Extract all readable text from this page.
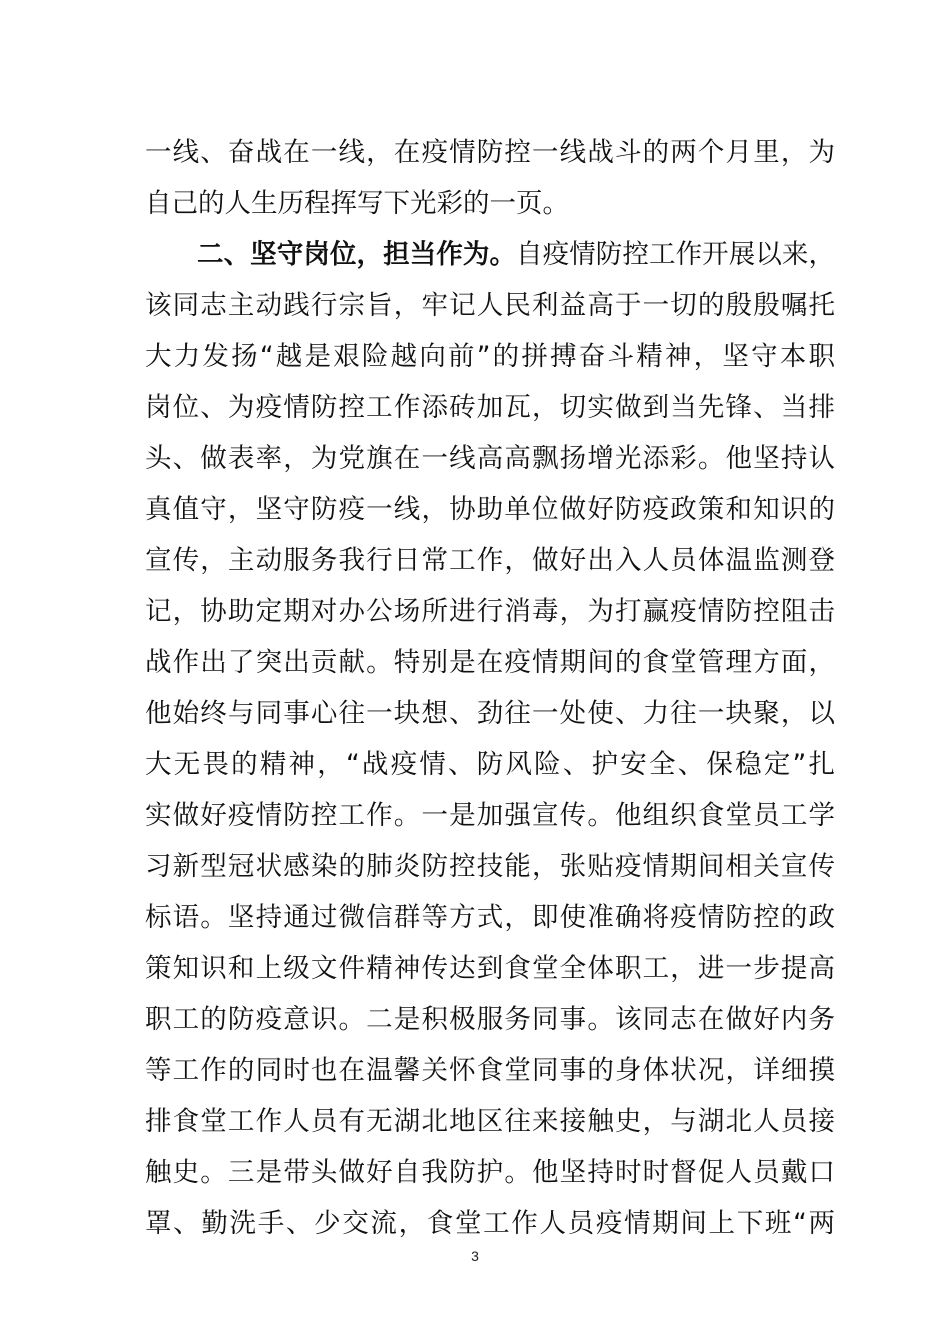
一线、奋战在一线，在疫情防控一线战斗的两个月里，为
自己的人生历程挥写下光彩的一页。
二、坚守岗位，担当作为。自疫情防控工作开展以来，
该同志主动践行宗旨，牢记人民利益高于一切的殷殷嘱托
大力发扬“越是艰险越向前”的拼搏奋斗精神，坚守本职
岗位、为疫情防控工作添砖加瓦，切实做到当先锋、当排
头、做表率，为党旗在一线高高飘扬增光添彩。他坚持认
真值守，坚守防疫一线，协助单位做好防疫政策和知识的
宣传，主动服务我行日常工作，做好出入人员体温监测登
记，协助定期对办公场所进行消毒，为打赢疫情防控阻击
战作出了突出贡献。特别是在疫情期间的食堂管理方面，
他始终与同事心往一块想、劲往一处使、力往一块聚，以
大无畏的精神，“战疫情、防风险、护安全、保稳定”扎
实做好疫情防控工作。一是加强宣传。他组织食堂员工学
习新型冠状感染的肺炎防控技能，张贴疫情期间相关宣传
标语。坚持通过微信群等方式，即使准确将疫情防控的政
策知识和上级文件精神传达到食堂全体职工，进一步提高
职工的防疫意识。二是积极服务同事。该同志在做好内务
等工作的同时也在温馨关怀食堂同事的身体状况，详细摸
排食堂工作人员有无湖北地区往来接触史，与湖北人员接
触史。三是带头做好自我防护。他坚持时时督促人员戴口
罩、勤洗手、少交流，食堂工作人员疫情期间上下班“两
3
